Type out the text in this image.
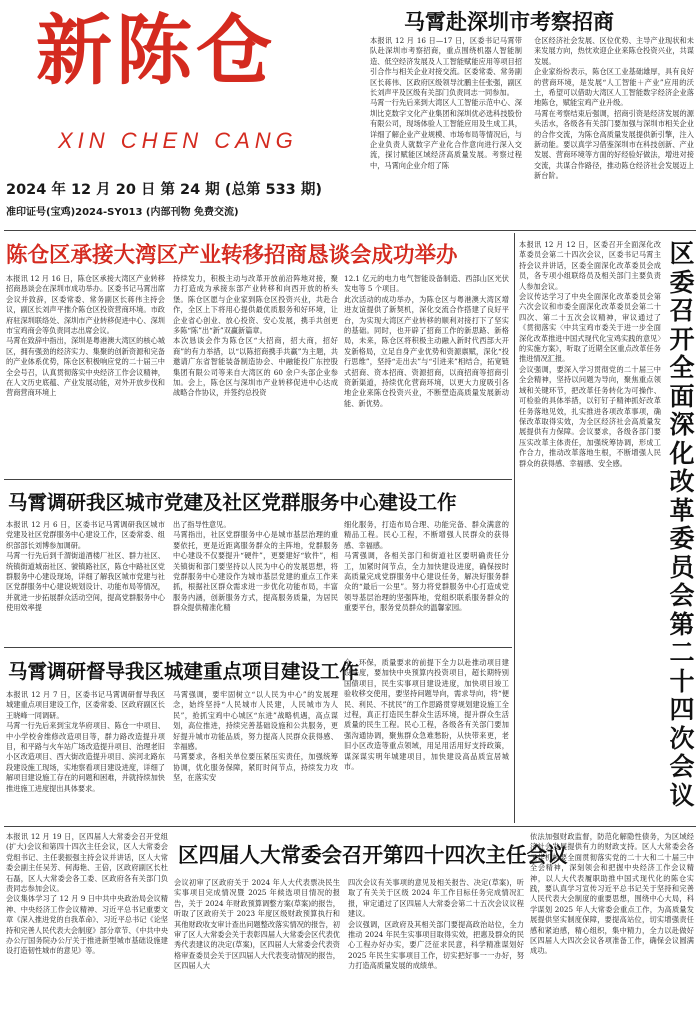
新陈仓
XIN CHEN CANG
2024 年 12 月 20 日 第 24 期 (总第 533 期)
准印证号(宝鸡)2024-SY013 (内部刊物 免费交流)
马霄赴深圳市考察招商
本报讯 12 月 16 日—17 日，区委书记马霄带队赴深圳市考察招商，重点围绕机器人智能制造、低空经济发展及人工智能赋能应用等项目招引合作与相关企业对接交流。区委常委、常务副区长蒋伟、区政府区级领导沈鹏主任张强，副区长刘声平及区级有关部门负责同志一同参加。
马霄一行先后来到大湾区人工智能示范中心、深圳比克数字文化产业集团和深圳优必选科技股份有限公司，现场体验人工智能应用及生成工具，详细了解企业产业规模、市场布局等情况后，与企业负责人就数字产业化合作意向进行深入交流，探讨赋能区域经济高质量发展。考察过程中，马霄向企业介绍了陈
仓区经济社会发展、区位优势、主导产业现状和未来发展方向，热忱欢迎企业来陈仓投资兴业，共谋发展。
企业家纷纷表示，陈仓区工业基础雄厚，具有良好的营商环境，是发展“人工智能＋产业”应用的沃土，希望可以借助大湾区人工智能数字经济企业落地陈仓，赋能宝鸡产业升级。
马霄在考察结束后强调，招商引资是经济发展的源头活水，各级各有关部门要加强与深圳市相关企业的合作交流，为陈仓高质量发展提供新引擎，注入新动能。要以真学习借鉴深圳市在科技创新、产业发展、营商环境等方面的好经验好做法，增进对接交流，共谋合作路径，推动陈仓经济社会发展迈上新台阶。
陈仓区承接大湾区产业转移招商恳谈会成功举办
本报讯 12 月 16 日，陈仓区承接大湾区产业转移招商恳谈会在深圳市成功举办。区委书记马霄出席会议并致辞，区委常委、常务副区长蒋伟主持会议，副区长刘声平推介陈仓区投资营商环境。市政府驻深圳联络处、深圳市产业转移促进中心、深圳市宝鸡商会等负责同志出席会议。
马霄在致辞中指出，深圳是粤港澳大湾区的核心城区，拥有强劲的经济实力、集聚的创新资源和完备的产业体系优势，陈仓区积极响应党的二十届三中全会号召，认真贯彻落实中央经济工作会议精神，在人文历史底蕴、产业发展动能，对外开放步伐和营商营商环境上
持续发力，积极主动与改革开放前沿阵地对接，聚力打造成为承接东部产业转移和向西开放的桥头堡。陈仓区愿与企业家到陈仓区投资兴业，共赴合作，全区上下将用心提供最优质服务和好环境，让企业省心创业、放心投资、安心发展，携手共创更多陈“陈”出“新”双赢新篇章。
本次恳谈会作为陈仓区“大招商，招大商，招好商”的有力举措，以“以陈招商携手共赢”为主题，共邀请广东省智能装备制造协会、中融能投广东控股集团有限公司等来自大湾区的 60 余户头部企业参加。会上，陈仓区与深圳市产业转移促进中心达成战略合作协议，并签约总投资
12.1 亿元的电力电气智能设备制造、西部山区光伏发电等 5 个项目。
此次活动的成功举办，为陈仓区与粤港澳大湾区增进友谊提供了新契机，深化交流合作搭建了良好平台，为实现大湾区产业转移的顺利对接打下了坚实的基础。同时，也开辟了招商工作的新思路、新格局，未来，陈仓区将积极主动融入新时代西部大开发新格局，立足自身产业优势和资源禀赋，深化“投行思维”，坚持“走出去”与“引进来”相结合，拓宽链式招商、资本招商、资源招商，以商招商等招商引资新渠道，持续优化营商环境，以更大力度吸引各地企业来陈仓投资兴业，不断塑造高质量发展新动能、新优势。
马霄调研我区城市党建及社区党群服务中心建设工作
本报讯 12 月 6 日，区委书记马霄调研我区城市党建及社区党群服务中心建设工作，区委常委、组织部部长刘博参加调研。
马霄一行先后到千渭街道酒楼厂社区、群力社区、统镇街道城南社区、虢镇路社区，陈仓中路社区党群服务中心建设现场，详细了解我区城市党建与社区党群服务中心建设规划设计、功能布局等情况，并就进一步拓展群众活动空间，提高党群服务中心使用效率提
出了指导性意见。
马霄指出，社区党群服务中心是城市基层治理的重要依托，更是近距离服务群众的主阵地，党群服务中心建设不仅要提升“硬件”，更要建好“软件”，相关镇街和部门要坚持以人民为中心的发展思想，将党群服务中心建设作为城市基层党建的重点工作来抓，根据社区群众需求进一步优化功能布局，丰富服务内涵，创新服务方式，提高服务质量，为居民群众提供精准化精
细化服务，打造布局合理、功能完备、群众满意的精品工程。民心工程，不断增强人民群众的获得感、幸福感。
马霄强调，各相关部门和街道社区要明确责任分工，加紧时间节点，全力加快建设进度，确保按时高质量完成党群服务中心建设任务，解决好服务群众的“最后一公里”。努力将党群服务中心打造成党领导基层治理的坚强阵地，党组织联系服务群众的重要平台，服务党员群众的温馨家园。
马霄调研督导我区城建重点项目建设工作
本报讯 12 月 7 日，区委书记马霄调研督导我区城建重点项目建设工作，区委常委、区政府副区长王晓峰一同调研。
马霄一行先后来到宝龙华府项目、陈仓一中项目、中小学校舍维修改造项目等，群力路改造提升项目，和平路与火车站广场改造提升项目、治理老旧小区改造项目、西大街改造提升项目、滨河北路东段建设施工现场，实地察看项目建设进度，详细了解项目建设施工存在的问题和困难，并就持续加快推进施工进度提出具体要求。
马霄强调，要牢固树立“以人民为中心”的发展理念，始终坚持“人民城市人民建，人民城市为人民”，抢抓宝鸡中心城区“东进”战略机遇，高点谋划，高位推进，持续完善基础设施和公共服务，更好提升城市功能品质，努力提高人民群众获得感、幸福感。
马霄要求，各相关单位要压紧压实责任，加强统筹协调，优化服务保障，紧盯时间节点，持续发力攻坚，在落实安
全，环保，质量要求的前提下全力以赴推动项目建设进度，要加快中央预算内投资项目，超长期特别国债项目，民生实事项目建设进度，加快项目竣工验收移交使用，要坚持问题导向，需求导向，将“便民、利民、不扰民”的工作思路贯穿规划建设施工全过程，真正打造民生群众生活环境，提升群众生活质量的民生工程。民心工程，各级各有关部门要加强沟通协调，聚焦群众急难愁盼，从快带来更，老旧小区改造等重点领域，用足用活用好支持政策，谋深谋实明年城建项目，加快建设高品质宜居城市。
本报讯 12 月 12 日，区委召开全面深化改革委员会第二十四次会议，区委书记马霄主持会议并讲话，区委全面深化改革委员会成员，各专项小组联络员及相关部门主要负责人参加会议。
会议传达学习了中央全面深化改革委员会第六次会议和市委全面深化改革委员会第二十四次、第二十五次会议精神，审议通过了《贯彻落实〈中共宝鸡市委关于进一步全面深化改革推进中国式现代化宝鸡实践的意见〉的实施方案》，听取了近期全区重点改革任务推进情况汇报。
会议强调，要深入学习贯彻党的二十届三中全会精神，坚持以问题为导向，聚焦重点领域和关键环节，把改革任务转化为可操作、可检验的具体举措，以钉钉子精神抓好改革任务落地见效，扎实推进各项改革事项，确保改革取得实效，为全区经济社会高质量发展提供有力保障。会议要求，各级各部门要压实改革主体责任，加强统筹协调，形成工作合力，推动改革落地生根，不断增强人民群众的获得感、幸福感、安全感。
区委召开全面深化改革委员会第二十四次会议
本报讯 12 月 19 日，区四届人大常委会召开党组(扩大)会议和第四十四次主任会议，区人大常委会党组书记、主任裴振强主持会议并讲话，区人大常委会副主任吴芳、何海艳、王倍，区政府副区长杜石磊，区人大常委会各工委、区政府各有关部门负责同志参加会议。
会议集体学习了 12 月 9 日中共中央政治局会议精神、中央经济工作会议精神、习近平总书记重要文章《深入推进党的自我革命》、习近平总书记《论坚持和完善人民代表大会制度》部分章节、《中共中央办公厅国务院办公厅关于推进新型城市基础设施建设打造韧性城市的意见》等。
区四届人大常委会召开第四十四次主任会议
会议初审了区政府关于 2024 年人大代表票决民生实事项目完成情况暨 2025 年候选项目情况的报告，关于 2024 年财政预算调整方案(草案)的报告，听取了区政府关于 2023 年度区级财政预算执行和其他财政收支审计查出问题整改落实情况的报告，初审了区人大常委会关于表彰四届人大常委会区代表优秀代表建议的决定(草案)，区四届人大常委会代表资格审查委员会关于区四届人大代表变动情况的报告，区四届人大
四次会议有关事项的意见及相关报告、决定(草案)，听取了有关关于区级 2024 年工作目标任务完成情况汇报，审定通过了区四届人大常委会第二十五次会议议程建议。
会议强调，区政府及其相关部门要提高政治站位，全力推动 2024 年民生实事项目取得实效，把惠及群众的民心工程办好办实，要广泛征求民意，科学精准谋划好 2025 年民生实事项目工作，切实把好事一一办好，努力打造高质量发展的成绩单。
依法加强财政监督，防范化解隐性债务，为区域经济社会发展提供有力的财政支持。区人大常委会各工作机构要全面贯彻落实党的二十大和二十届三中全会精神，深刻领会和把握中央经济工作会议精神，以人大代表履职助推中国式现代化的陈仓实践，要认真学习宣传习近平总书记关于坚持和完善人民代表大会制度的重要思想，围绕中心大局，科学谋划 2025 年人大常委会重点工作，为高质量发展提供坚实制度保障，要提高站位，切实增强责任感和紧迫感，精心组织，集中精力，全力以赴做好区四届人大四次会议各项准备工作，确保会议圆满成功。
